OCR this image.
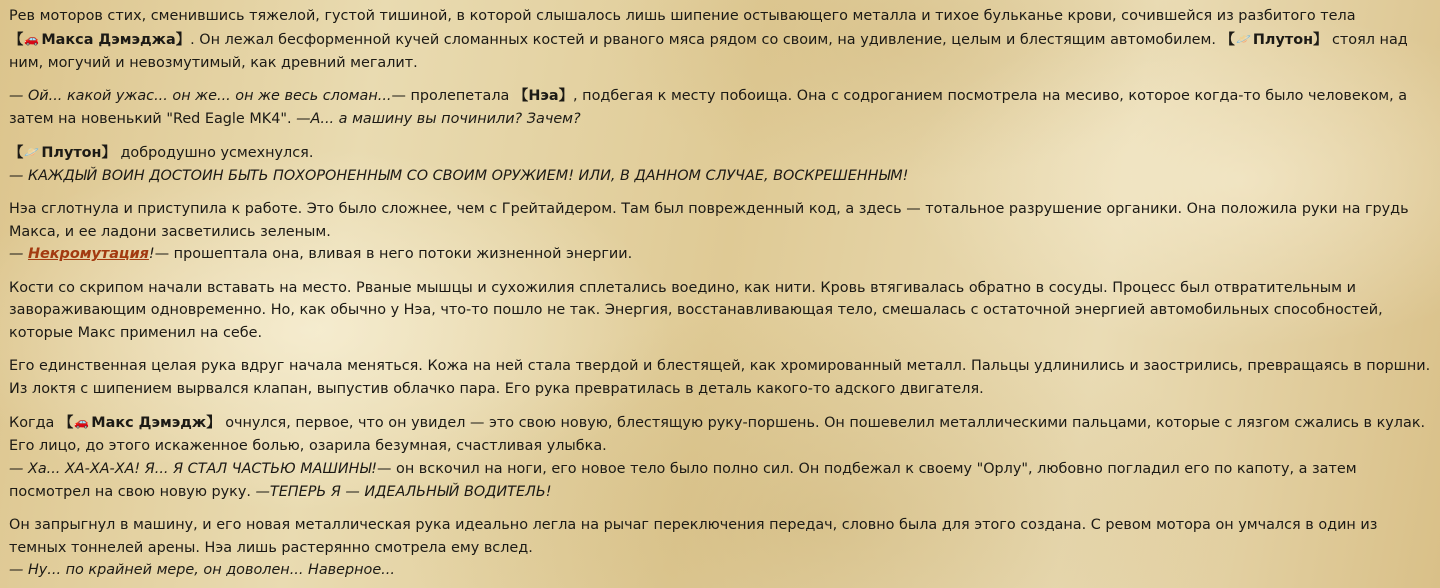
Рев моторов стих, сменившись тяжелой, густой тишиной, в которой слышалось лишь шипение остывающего металла и тихое бульканье крови, сочившейся из разбитого тела 【🚗 Макса Дэмэджа】. Он лежал бесформенной кучей сломанных костей и рваного мяса рядом со своим, на удивление, целым и блестящим автомобилем. 【🪐 Плутон】 стоял над ним, могучий и невозмутимый, как древний мегалит.

— Ой... какой ужас... он же... он же весь сломан...— пролепетала 【Нэа】, подбегая к месту побоища. Она с содроганием посмотрела на месиво, которое когда-то было человеком, а затем на новенький "Red Eagle MK4". —А... а машину вы починили? Зачем?

【🪐 Плутон】 добродушно усмехнулся.

— КАЖДЫЙ ВОИН ДОСТОИН БЫТЬ ПОХОРОНЕННЫМ СО СВОИМ ОРУЖИЕМ! ИЛИ, В ДАННОМ СЛУЧАЕ, ВОСКРЕШЕННЫМ!

Нэа сглотнула и приступила к работе. Это было сложнее, чем с Грейтайдером. Там был поврежденный код, а здесь — тотальное разрушение органики. Она положила руки на грудь Макса, и ее ладони засветились зеленым.

— Некромутация!— прошептала она, вливая в него потоки жизненной энергии.

Кости со скрипом начали вставать на место. Рваные мышцы и сухожилия сплетались воедино, как нити. Кровь втягивалась обратно в сосуды. Процесс был отвратительным и завораживающим одновременно. Но, как обычно у Нэа, что-то пошло не так. Энергия, восстанавливающая тело, смешалась с остаточной энергией автомобильных способностей, которые Макс применил на себе.

Его единственная целая рука вдруг начала меняться. Кожа на ней стала твердой и блестящей, как хромированный металл. Пальцы удлинились и заострились, превращаясь в поршни. Из локтя с шипением вырвался клапан, выпустив облачко пара. Его рука превратилась в деталь какого-то адского двигателя.

Когда 【🚗 Макс Дэмэдж】 очнулся, первое, что он увидел — это свою новую, блестящую руку-поршень. Он пошевелил металлическими пальцами, которые с лязгом сжались в кулак. Его лицо, до этого искаженное болью, озарила безумная, счастливая улыбка.

— Ха... ХА-ХА-ХА! Я... Я СТАЛ ЧАСТЬЮ МАШИНЫ!— он вскочил на ноги, его новое тело было полно сил. Он подбежал к своему "Орлу", любовно погладил его по капоту, а затем посмотрел на свою новую руку. —ТЕПЕРЬ Я — ИДЕАЛЬНЫЙ ВОДИТЕЛЬ!

Он запрыгнул в машину, и его новая металлическая рука идеально легла на рычаг переключения передач, словно была для этого создана. С ревом мотора он умчался в один из темных тоннелей арены. Нэа лишь растерянно смотрела ему вслед.

— Ну... по крайней мере, он доволен... Наверное...
